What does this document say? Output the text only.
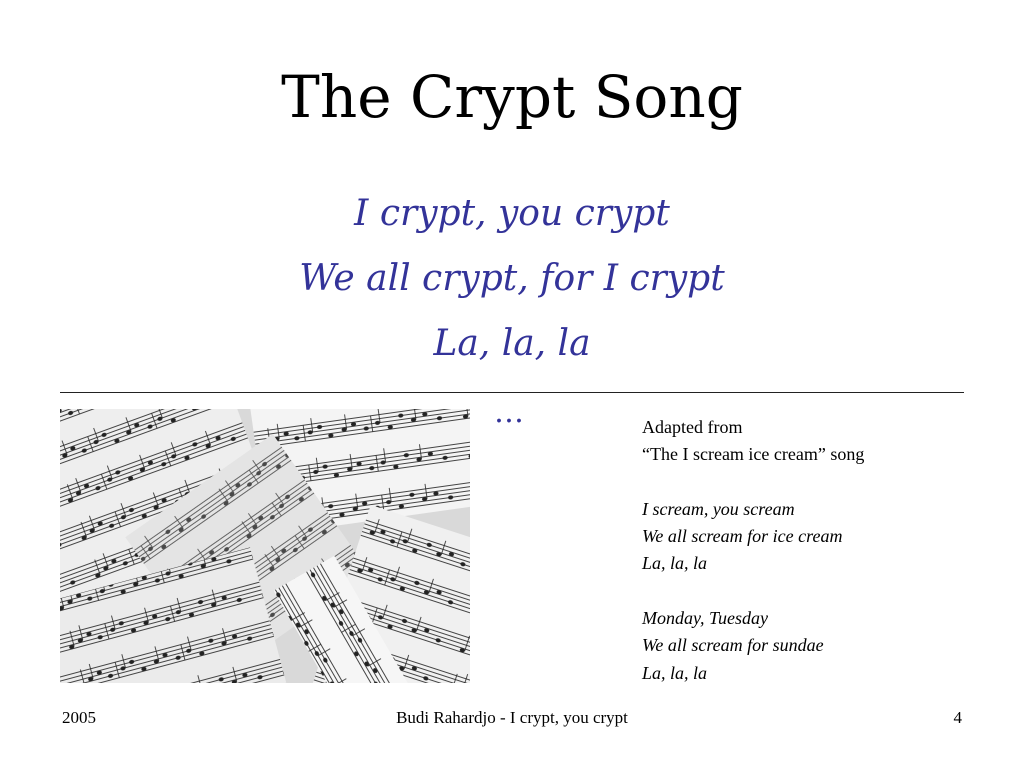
The Crypt Song
I crypt, you crypt
We all crypt, for I crypt
La, la, la
…	Adapted from
“The I scream ice cream” song
I scream, you scream
We all scream for ice cream
La, la, la
Monday, Tuesday
We all scream for sundae
La, la, la
2005	Budi Rahardjo - I crypt, you crypt	4
